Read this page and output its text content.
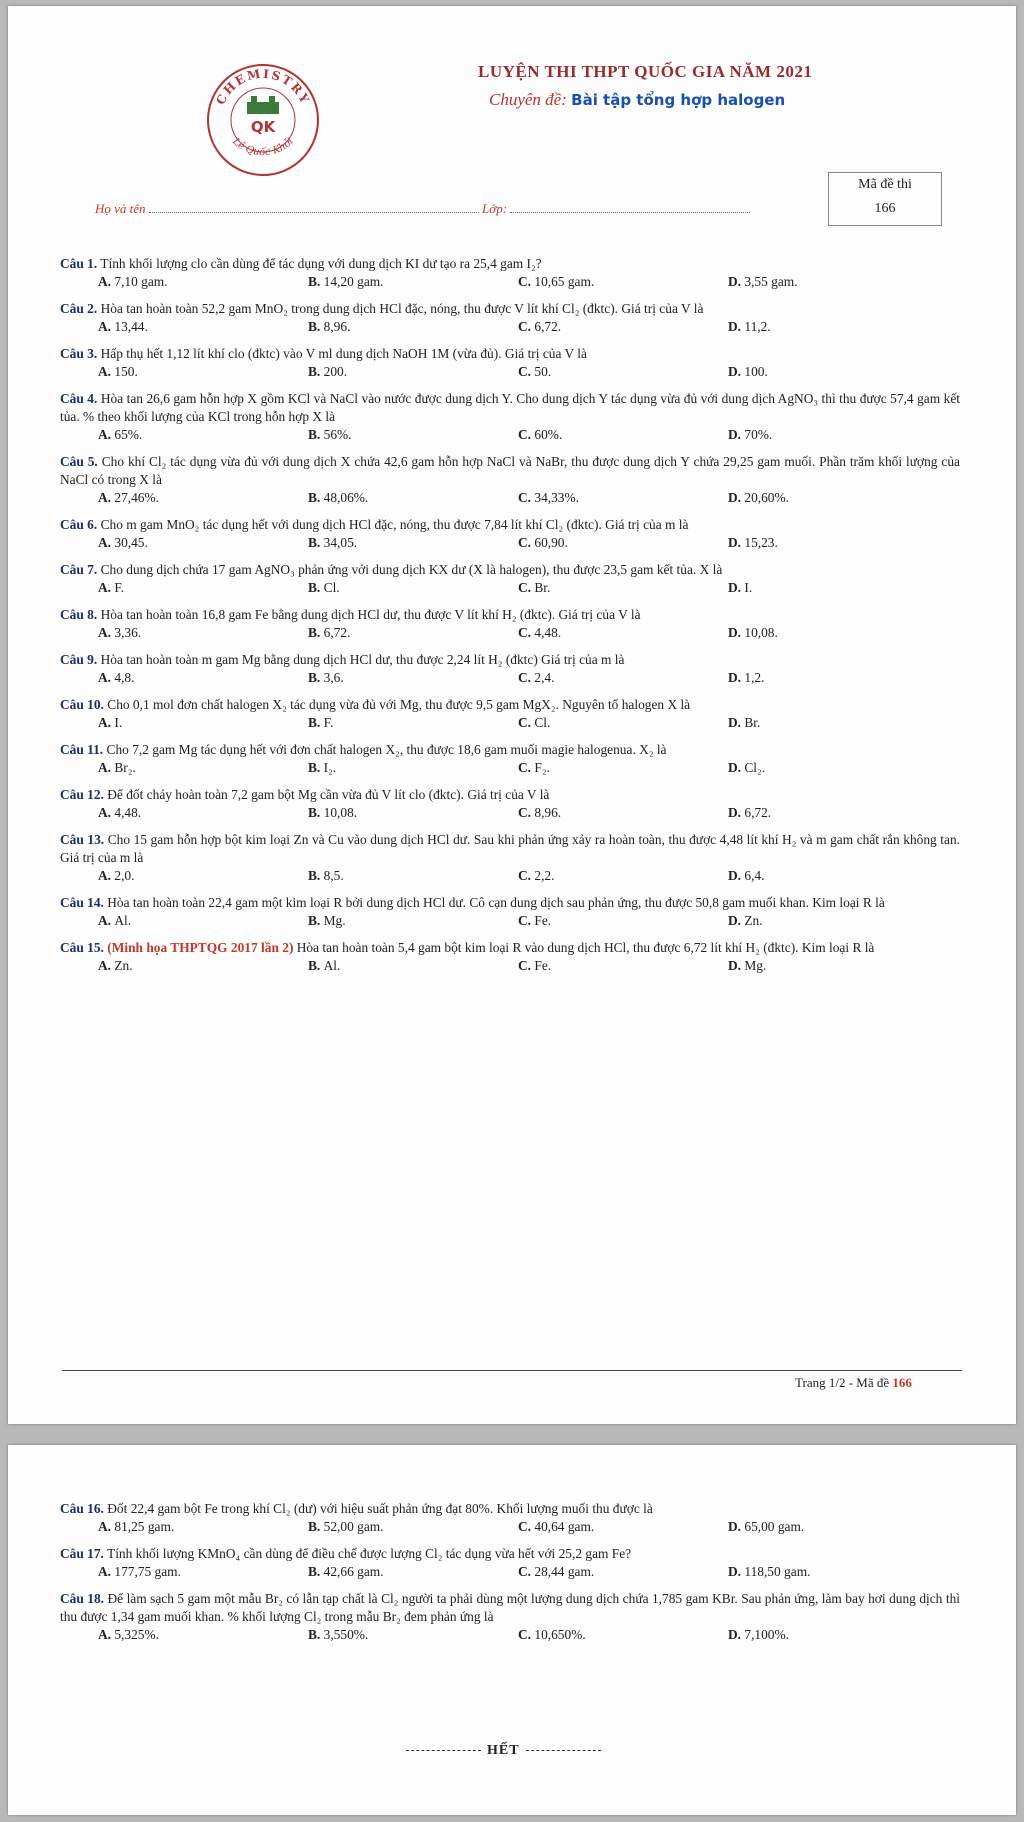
CHEMISTRY
Lê Quốc Khởi
QK
LUYỆN THI THPT QUỐC GIA NĂM 2021
Chuyên đề: Bài tập tổng hợp halogen
Mã đề thi
166
Họ và tên	Lớp:
Câu 1. Tính khối lượng clo cần dùng để tác dụng với dung dịch KI dư tạo ra 25,4 gam I₂?
A. 7,10 gam.	B. 14,20 gam.	C. 10,65 gam.	D. 3,55 gam.
Câu 2. Hòa tan hoàn toàn 52,2 gam MnO₂ trong dung dịch HCl đặc, nóng, thu được V lít khí Cl₂ (đktc). Giá trị của V là
A. 13,44.	B. 8,96.	C. 6,72.	D. 11,2.
Câu 3. Hấp thụ hết 1,12 lít khí clo (đktc) vào V ml dung dịch NaOH 1M (vừa đủ). Giá trị của V là
A. 150.	B. 200.	C. 50.	D. 100.
Câu 4. Hòa tan 26,6 gam hỗn hợp X gồm KCl và NaCl vào nước được dung dịch Y. Cho dung dịch Y tác dụng vừa đủ với dung dịch AgNO₃ thì thu được 57,4 gam kết tủa. % theo khối lượng của KCl trong hỗn hợp X là
A. 65%.	B. 56%.	C. 60%.	D. 70%.
Câu 5. Cho khí Cl₂ tác dụng vừa đủ với dung dịch X chứa 42,6 gam hỗn hợp NaCl và NaBr, thu được dung dịch Y chứa 29,25 gam muối. Phần trăm khối lượng của NaCl có trong X là
A. 27,46%.	B. 48,06%.	C. 34,33%.	D. 20,60%.
Câu 6. Cho m gam MnO₂ tác dụng hết với dung dịch HCl đặc, nóng, thu được 7,84 lít khí Cl₂ (đktc). Giá trị của m là
A. 30,45.	B. 34,05.	C. 60,90.	D. 15,23.
Câu 7. Cho dung dịch chứa 17 gam AgNO₃ phản ứng với dung dịch KX dư (X là halogen), thu được 23,5 gam kết tủa. X là
A. F.	B. Cl.	C. Br.	D. I.
Câu 8. Hòa tan hoàn toàn 16,8 gam Fe bằng dung dịch HCl dư, thu được V lít khí H₂ (đktc). Giá trị của V là
A. 3,36.	B. 6,72.	C. 4,48.	D. 10,08.
Câu 9. Hòa tan hoàn toàn m gam Mg bằng dung dịch HCl dư, thu được 2,24 lít H₂ (đktc) Giá trị của m là
A. 4,8.	B. 3,6.	C. 2,4.	D. 1,2.
Câu 10. Cho 0,1 mol đơn chất halogen X₂ tác dụng vừa đủ với Mg, thu được 9,5 gam MgX₂. Nguyên tố halogen X là
A. I.	B. F.	C. Cl.	D. Br.
Câu 11. Cho 7,2 gam Mg tác dụng hết với đơn chất halogen X₂, thu được 18,6 gam muối magie halogenua. X₂ là
A. Br₂.	B. I₂.	C. F₂.	D. Cl₂.
Câu 12. Để đốt cháy hoàn toàn 7,2 gam bột Mg cần vừa đủ V lít clo (đktc). Giá trị của V là
A. 4,48.	B. 10,08.	C. 8,96.	D. 6,72.
Câu 13. Cho 15 gam hỗn hợp bột kim loại Zn và Cu vào dung dịch HCl dư. Sau khi phản ứng xảy ra hoàn toàn, thu được 4,48 lít khí H₂ và m gam chất rắn không tan. Giá trị của m là
A. 2,0.	B. 8,5.	C. 2,2.	D. 6,4.
Câu 14. Hòa tan hoàn toàn 22,4 gam một kim loại R bởi dung dịch HCl dư. Cô cạn dung dịch sau phản ứng, thu được 50,8 gam muối khan. Kim loại R là
A. Al.	B. Mg.	C. Fe.	D. Zn.
Câu 15. (Minh họa THPTQG 2017 lần 2) Hòa tan hoàn toàn 5,4 gam bột kim loại R vào dung dịch HCl, thu được 6,72 lít khí H₂ (đktc). Kim loại R là
A. Zn.	B. Al.	C. Fe.	D. Mg.
Trang 1/2 - Mã đề 166
Câu 16. Đốt 22,4 gam bột Fe trong khí Cl₂ (dư) với hiệu suất phản ứng đạt 80%. Khối lượng muối thu được là
A. 81,25 gam.	B. 52,00 gam.	C. 40,64 gam.	D. 65,00 gam.
Câu 17. Tính khối lượng KMnO₄ cần dùng để điều chế được lượng Cl₂ tác dụng vừa hết với 25,2 gam Fe?
A. 177,75 gam.	B. 42,66 gam.	C. 28,44 gam.	D. 118,50 gam.
Câu 18. Để làm sạch 5 gam một mẫu Br₂ có lẫn tạp chất là Cl₂ người ta phải dùng một lượng dung dịch chứa 1,785 gam KBr. Sau phản ứng, làm bay hơi dung dịch thì thu được 1,34 gam muối khan. % khối lượng Cl₂ trong mẫu Br₂ đem phản ứng là
A. 5,325%.	B. 3,550%.	C. 10,650%.	D. 7,100%.
HẾT
